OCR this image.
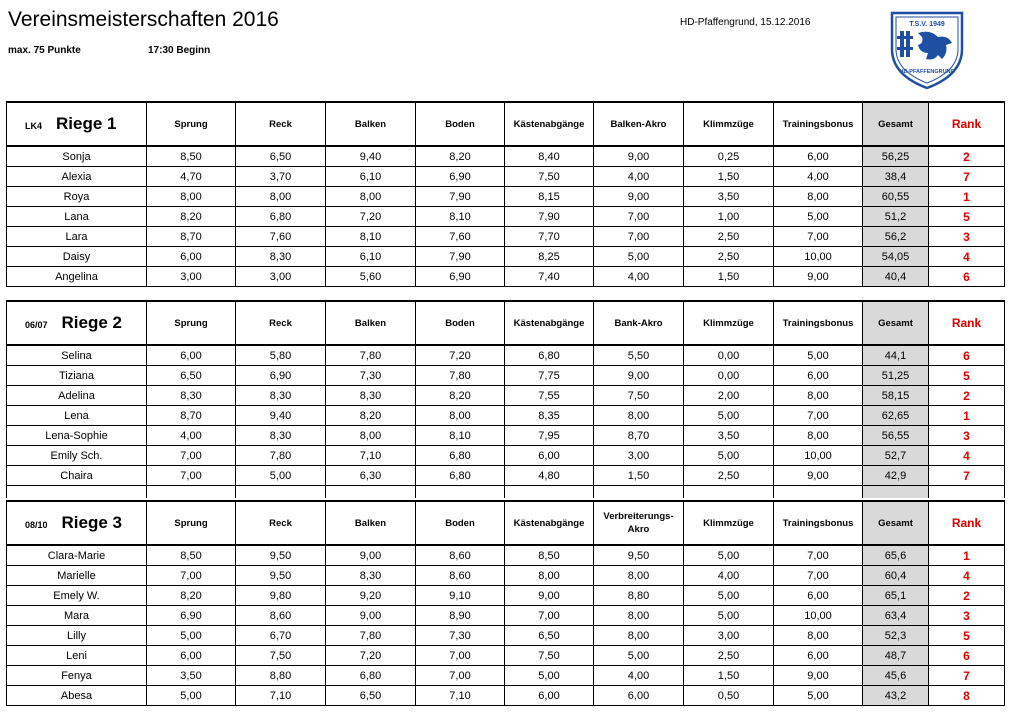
Vereinsmeisterschaften 2016
max. 75 Punkte	17:30 Beginn
HD-Pfaffengrund, 15.12.2016	T.S.V. 1949
HD-PFAFFENGRUND
LK4 Riege 1	Sprung	Reck	Balken	Boden	Kästenabgänge	Balken-Akro	Klimmzüge	Trainingsbonus	Gesamt	Rank
Sonja	8,50	6,50	9,40	8,20	8,40	9,00	0,25	6,00	56,25	2
Alexia	4,70	3,70	6,10	6,90	7,50	4,00	1,50	4,00	38,4	7
Roya	8,00	8,00	8,00	7,90	8,15	9,00	3,50	8,00	60,55	1
Lana	8,20	6,80	7,20	8,10	7,90	7,00	1,00	5,00	51,2	5
Lara	8,70	7,60	8,10	7,60	7,70	7,00	2,50	7,00	56,2	3
Daisy	6,00	8,30	6,10	7,90	8,25	5,00	2,50	10,00	54,05	4
Angelina	3,00	3,00	5,60	6,90	7,40	4,00	1,50	9,00	40,4	6
06/07 Riege 2	Sprung	Reck	Balken	Boden	Kästenabgänge	Bank-Akro	Klimmzüge	Trainingsbonus	Gesamt	Rank
Selina	6,00	5,80	7,80	7,20	6,80	5,50	0,00	5,00	44,1	6
Tiziana	6,50	6,90	7,30	7,80	7,75	9,00	0,00	6,00	51,25	5
Adelina	8,30	8,30	8,30	8,20	7,55	7,50	2,00	8,00	58,15	2
Lena	8,70	9,40	8,20	8,00	8,35	8,00	5,00	7,00	62,65	1
Lena-Sophie	4,00	8,30	8,00	8,10	7,95	8,70	3,50	8,00	56,55	3
Emily Sch.	7,00	7,80	7,10	6,80	6,00	3,00	5,00	10,00	52,7	4
Chaira	7,00	5,00	6,30	6,80	4,80	1,50	2,50	9,00	42,9	7

08/10 Riege 3	Sprung	Reck	Balken	Boden	Kästenabgänge	Verbreiterungs-Akro	Klimmzüge	Trainingsbonus	Gesamt	Rank
Clara-Marie	8,50	9,50	9,00	8,60	8,50	9,50	5,00	7,00	65,6	1
Marielle	7,00	9,50	8,30	8,60	8,00	8,00	4,00	7,00	60,4	4
Emely W.	8,20	9,80	9,20	9,10	9,00	8,80	5,00	6,00	65,1	2
Mara	6,90	8,60	9,00	8,90	7,00	8,00	5,00	10,00	63,4	3
Lilly	5,00	6,70	7,80	7,30	6,50	8,00	3,00	8,00	52,3	5
Leni	6,00	7,50	7,20	7,00	7,50	5,00	2,50	6,00	48,7	6
Fenya	3,50	8,80	6,80	7,00	5,00	4,00	1,50	9,00	45,6	7
Abesa	5,00	7,10	6,50	7,10	6,00	6,00	0,50	5,00	43,2	8
